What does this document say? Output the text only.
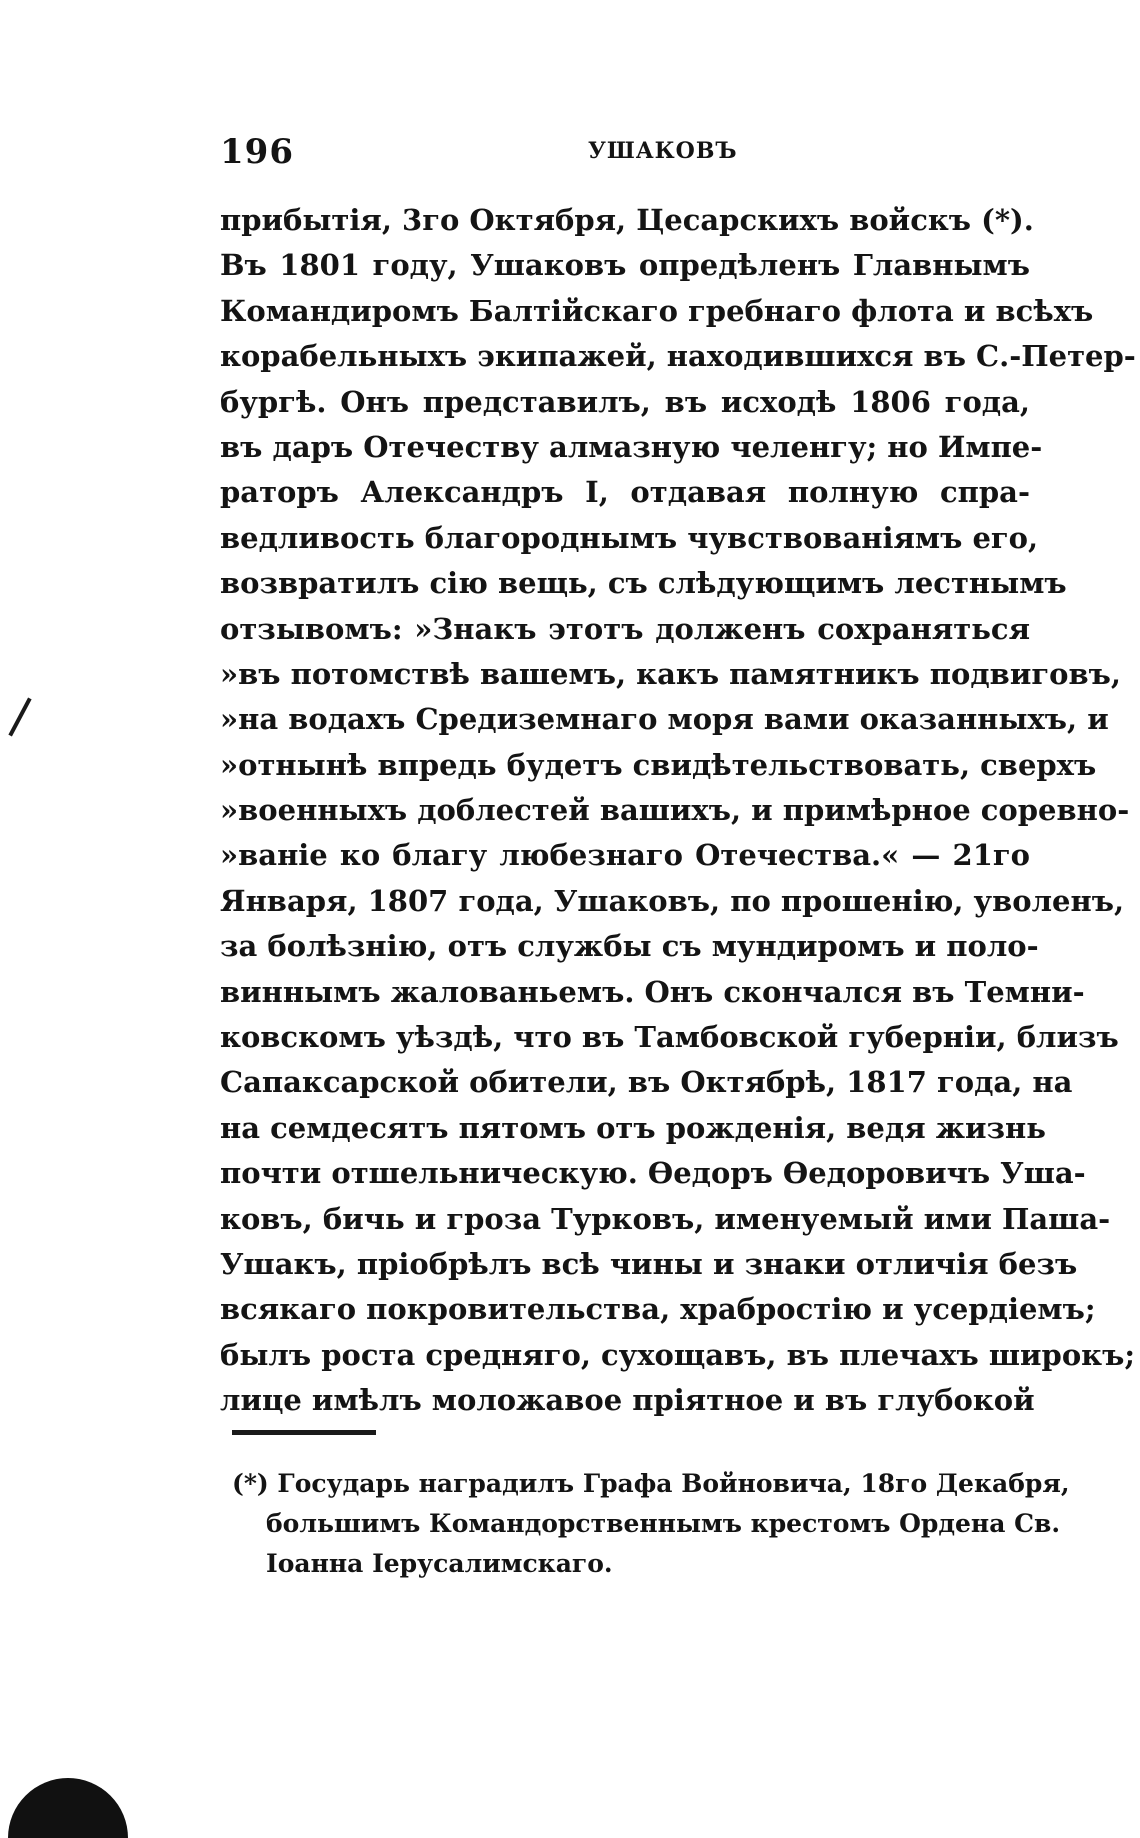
196	УШАКОВЪ
прибытія, 3го Октября, Цесарскихъ войскъ (*).
Въ 1801 году, Ушаковъ опредѣленъ Главнымъ
Командиромъ Балтійскаго гребнаго флота и всѣхъ
корабельныхъ экипажей, находившихся въ С.-Петер-
бургѣ. Онъ представилъ, въ исходѣ 1806 года,
въ даръ Отечеству алмазную челенгу; но Импе-
раторъ Александръ I, отдавая полную спра-
ведливость благороднымъ чувствованіямъ его,
возвратилъ сію вещь, съ слѣдующимъ лестнымъ
отзывомъ: »Знакъ этотъ долженъ сохраняться
»въ потомствѣ вашемъ, какъ памятникъ подвиговъ,
»на водахъ Средиземнаго моря вами оказанныхъ, и
»отнынѣ впредь будетъ свидѣтельствовать, сверхъ
»военныхъ доблестей вашихъ, и примѣрное соревно-
»ваніе ко благу любезнаго Отечества.« — 21го
Января, 1807 года, Ушаковъ, по прошенію, уволенъ,
за болѣзнію, отъ службы съ мундиромъ и поло-
виннымъ жалованьемъ. Онъ скончался въ Темни-
ковскомъ уѣздѣ, что въ Тамбовской губерніи, близъ
Сапаксарской обители, въ Октябрѣ, 1817 года, на
на семдесятъ пятомъ отъ рожденія, ведя жизнь
почти отшельническую. Ѳедоръ Ѳедоровичъ Уша-
ковъ, бичь и гроза Турковъ, именуемый ими Паша-
Ушакъ, пріобрѣлъ всѣ чины и знаки отличія безъ
всякаго покровительства, храбростію и усердіемъ;
былъ роста средняго, сухощавъ, въ плечахъ широкъ;
лице имѣлъ моложавое пріятное и въ глубокой
(*) Государь наградилъ Графа Войновича, 18го Декабря,
большимъ Командорственнымъ крестомъ Ордена Св.
Іоанна Іерусалимскаго.
